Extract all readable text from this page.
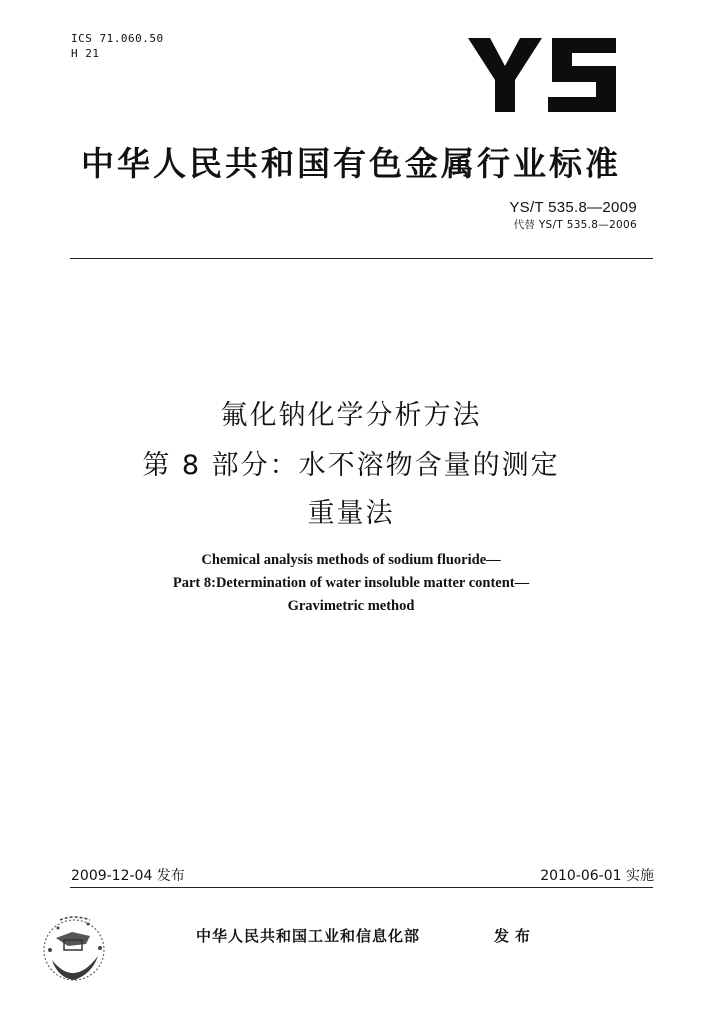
ICS 71.060.50
H 21
中华人民共和国有色金属行业标准
YS/T 535.8—2009
代替 YS/T 535.8—2006
氟化钠化学分析方法
第 8 部分：水不溶物含量的测定
重量法
Chemical analysis methods of sodium fluoride—
Part 8:Determination of water insoluble matter content—
Gravimetric method
2009-12-04 发布	2010-06-01 实施
中华人民共和国工业和信息化部	发布
